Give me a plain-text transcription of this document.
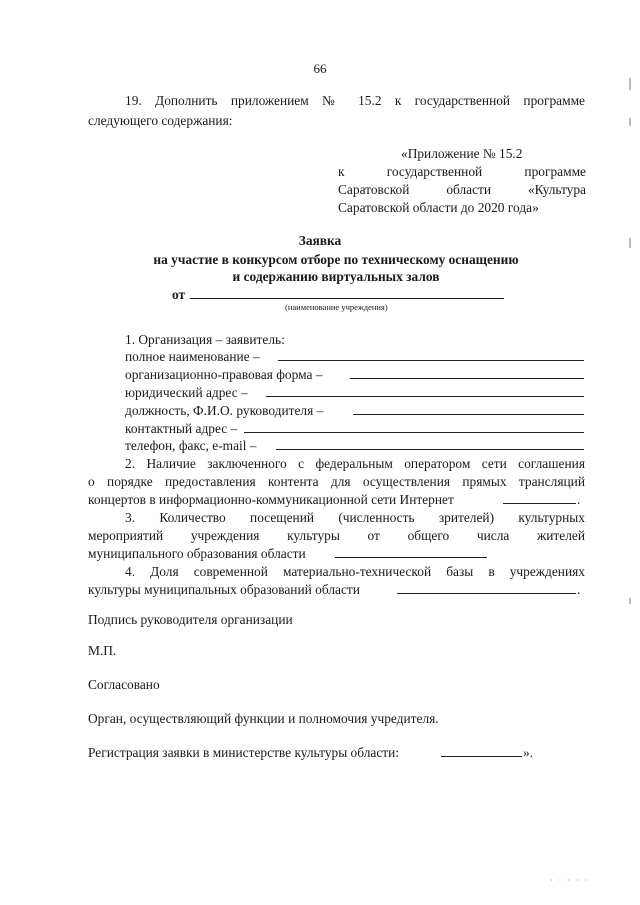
66
19. Дополнить приложением № 15.2 к государственной программе
следующего содержания:
«Приложение № 15.2
к государственной программе
Саратовской области «Культура
Саратовской области до 2020 года»
Заявка
на участие в конкурсом отборе по техническому оснащению
и содержанию виртуальных залов
от
(наименование учреждения)
1. Организация – заявитель:
полное наименование –
организационно-правовая форма –
юридический адрес –
должность, Ф.И.О. руководителя –
контактный адрес –
телефон, факс, e-mail –
2. Наличие заключенного с федеральным оператором сети соглашения
о порядке предоставления контента для осуществления прямых трансляций
концертов в информационно-коммуникационной сети Интернет	.
3. Количество посещений (численность зрителей) культурных
мероприятий учреждения культуры от общего числа жителей
муниципального образования области
4. Доля современной материально-технической базы в учреждениях
культуры муниципальных образований области	.
Подпись руководителя организации
М.П.
Согласовано
Орган, осуществляющий функции и полномочия учредителя.
Регистрация заявки в министерстве культуры области:	».
· · · · ·
